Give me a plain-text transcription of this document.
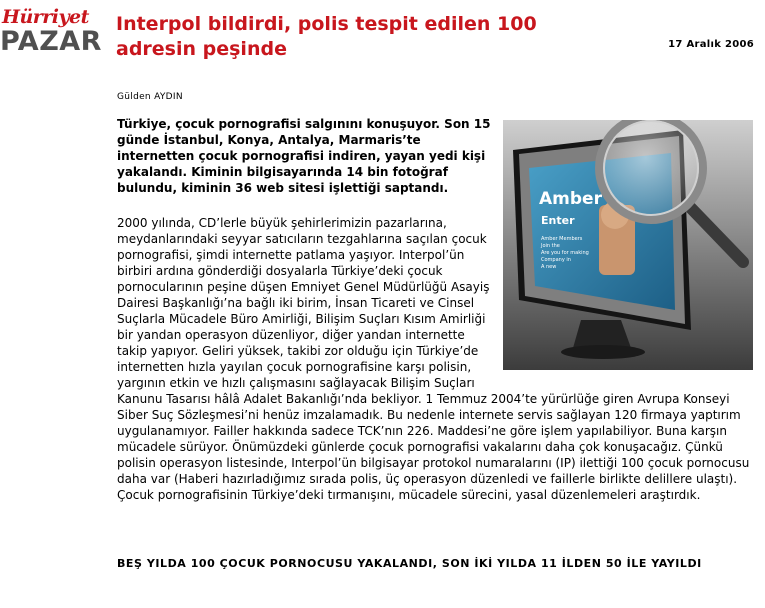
Hürriyet
PAZAR
Interpol bildirdi, polis tespit edilen 100 adresin peşinde	17 Aralık 2006
Gülden AYDIN
Amber
Enter
Amber Members
Join the
Are you for making
Company in
A new

Türkiye, çocuk pornografisi salgınını konuşuyor. Son 15 günde İstanbul, Konya, Antalya, Marmaris’te internetten çocuk pornografisi indiren, yayan yedi kişi yakalandı. Kiminin bilgisayarında 14 bin fotoğraf bulundu, kiminin 36 web sitesi işlettiği saptandı.

2000 yılında, CD’lerle büyük şehirlerimizin pazarlarına, meydanlarındaki seyyar satıcıların tezgahlarına saçılan çocuk pornografisi, şimdi internette patlama yaşıyor. Interpol’ün birbiri ardına gönderdiği dosyalarla Türkiye’deki çocuk pornocularının peşine düşen Emniyet Genel Müdürlüğü Asayiş Dairesi Başkanlığı’na bağlı iki birim, İnsan Ticareti ve Cinsel Suçlarla Mücadele Büro Amirliği, Bilişim Suçları Kısım Amirliği bir yandan operasyon düzenliyor, diğer yandan internette takip yapıyor. Geliri yüksek, takibi zor olduğu için Türkiye’de internetten hızla yayılan çocuk pornografisine karşı polisin, yargının etkin ve hızlı çalışmasını sağlayacak Bilişim Suçları Kanunu Tasarısı hâlâ Adalet Bakanlığı’nda bekliyor. 1 Temmuz 2004’te yürürlüğe giren Avrupa Konseyi Siber Suç Sözleşmesi’ni henüz imzalamadık. Bu nedenle internete servis sağlayan 120 firmaya yaptırım uygulanamıyor. Failler hakkında sadece TCK’nın 226. Maddesi’ne göre işlem yapılabiliyor. Buna karşın mücadele sürüyor. Önümüzdeki günlerde çocuk pornografisi vakalarını daha çok konuşacağız. Çünkü polisin operasyon listesinde, Interpol’ün bilgisayar protokol numaralarını (IP) ilettiği 100 çocuk pornocusu daha var (Haberi hazırladığımız sırada polis, üç operasyon düzenledi ve faillerle birlikte delillere ulaştı). Çocuk pornografisinin Türkiye’deki tırmanışını, mücadele sürecini, yasal düzenlemeleri araştırdık.

BEŞ YILDA 100 ÇOCUK PORNOCUSU YAKALANDI, SON İKİ YILDA 11 İLDEN 50 İLE YAYILDI
